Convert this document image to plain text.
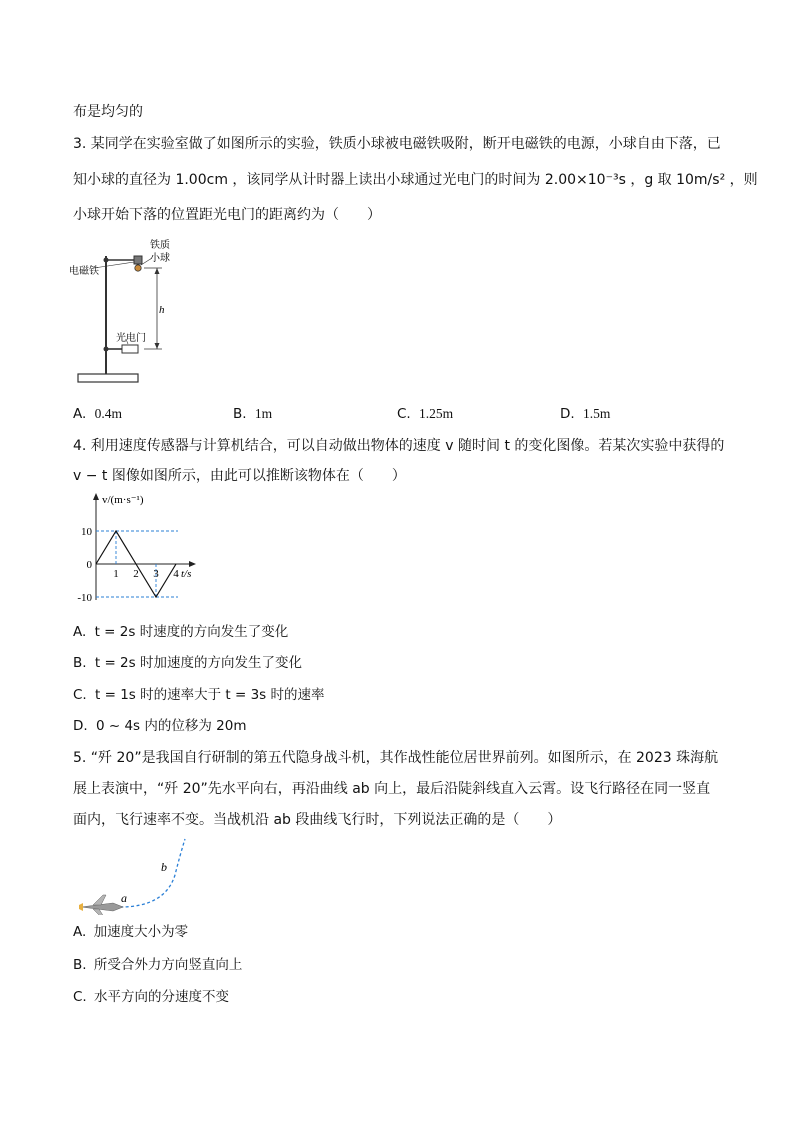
布是均匀的
3. 某同学在实验室做了如图所示的实验，铁质小球被电磁铁吸附，断开电磁铁的电源，小球自由下落，已
知小球的直径为 1.00cm ，该同学从计时器上读出小球通过光电门的时间为 2.00×10⁻³s ，g 取 10m/s² ，则
小球开始下落的位置距光电门的距离约为（　　）
h
铁质
小球
电磁铁
光电门
A. 0.4m	B. 1m	C. 1.25m	D. 1.5m
4. 利用速度传感器与计算机结合，可以自动做出物体的速度 v 随时间 t 的变化图像。若某次实验中获得的
v − t 图像如图所示，由此可以推断该物体在（　　）
10
0
-10
1 2 3 4
v/(m·s⁻¹)
t/s
A. t = 2s 时速度的方向发生了变化
B. t = 2s 时加速度的方向发生了变化
C. t = 1s 时的速率大于 t = 3s 时的速率
D. 0 ~ 4s 内的位移为 20m
5. “歼 20”是我国自行研制的第五代隐身战斗机，其作战性能位居世界前列。如图所示，在 2023 珠海航
展上表演中，“歼 20”先水平向右，再沿曲线 ab 向上，最后沿陡斜线直入云霄。设飞行路径在同一竖直
面内，飞行速率不变。当战机沿 ab 段曲线飞行时，下列说法正确的是（　　）
a
b
A. 加速度大小为零
B. 所受合外力方向竖直向上
C. 水平方向的分速度不变
